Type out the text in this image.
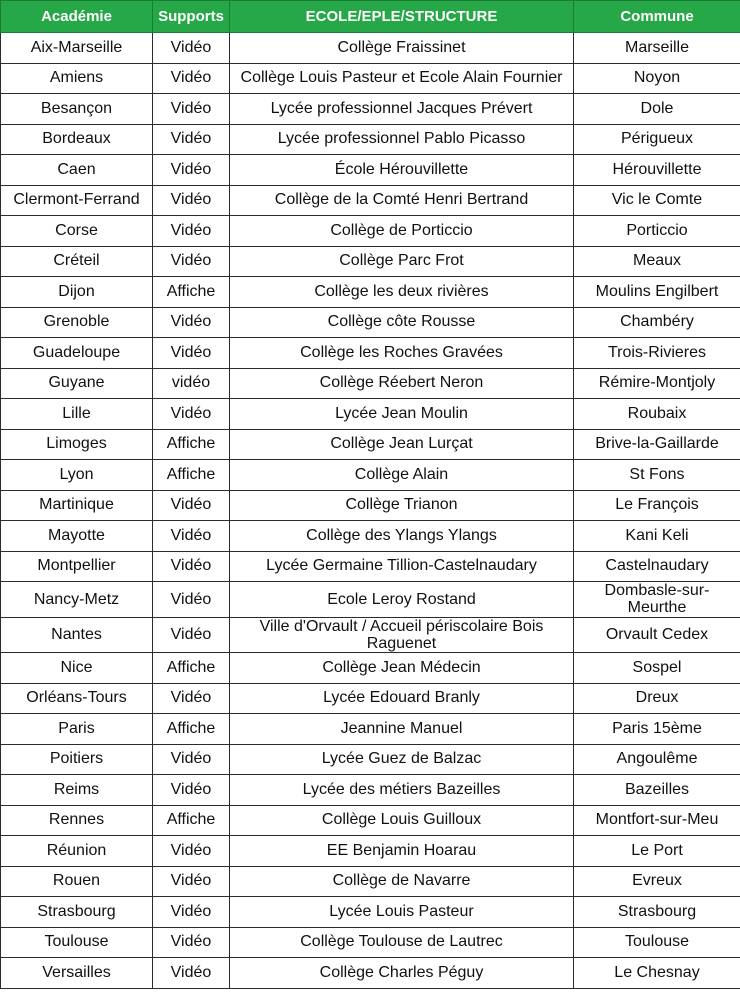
Académie	Supports	ECOLE/EPLE/STRUCTURE	Commune
Aix-Marseille	Vidéo	Collège Fraissinet	Marseille
Amiens	Vidéo	Collège Louis Pasteur et Ecole Alain Fournier	Noyon
Besançon	Vidéo	Lycée professionnel Jacques Prévert	Dole
Bordeaux	Vidéo	Lycée professionnel Pablo Picasso	Périgueux
Caen	Vidéo	École Hérouvillette	Hérouvillette
Clermont-Ferrand	Vidéo	Collège de la Comté Henri Bertrand	Vic le Comte
Corse	Vidéo	Collège de Porticcio	Porticcio
Créteil	Vidéo	Collège Parc Frot	Meaux
Dijon	Affiche	Collège les deux rivières	Moulins Engilbert
Grenoble	Vidéo	Collège côte Rousse	Chambéry
Guadeloupe	Vidéo	Collège les Roches Gravées	Trois-Rivieres
Guyane	vidéo	Collège Réebert Neron	Rémire-Montjoly
Lille	Vidéo	Lycée Jean Moulin	Roubaix
Limoges	Affiche	Collège Jean Lurçat	Brive-la-Gaillarde
Lyon	Affiche	Collège Alain	St Fons
Martinique	Vidéo	Collège Trianon	Le François
Mayotte	Vidéo	Collège des Ylangs Ylangs	Kani Keli
Montpellier	Vidéo	Lycée Germaine Tillion-Castelnaudary	Castelnaudary
Nancy-Metz	Vidéo	Ecole Leroy Rostand	Dombasle-sur-Meurthe
Nantes	Vidéo	Ville d'Orvault / Accueil périscolaire Bois Raguenet	Orvault Cedex
Nice	Affiche	Collège Jean Médecin	Sospel
Orléans-Tours	Vidéo	Lycée Edouard Branly	Dreux
Paris	Affiche	Jeannine Manuel	Paris 15ème
Poitiers	Vidéo	Lycée Guez de Balzac	Angoulême
Reims	Vidéo	Lycée des métiers Bazeilles	Bazeilles
Rennes	Affiche	Collège Louis Guilloux	Montfort-sur-Meu
Réunion	Vidéo	EE Benjamin Hoarau	Le Port
Rouen	Vidéo	Collège de Navarre	Evreux
Strasbourg	Vidéo	Lycée Louis Pasteur	Strasbourg
Toulouse	Vidéo	Collège Toulouse de Lautrec	Toulouse
Versailles	Vidéo	Collège Charles Péguy	Le Chesnay
